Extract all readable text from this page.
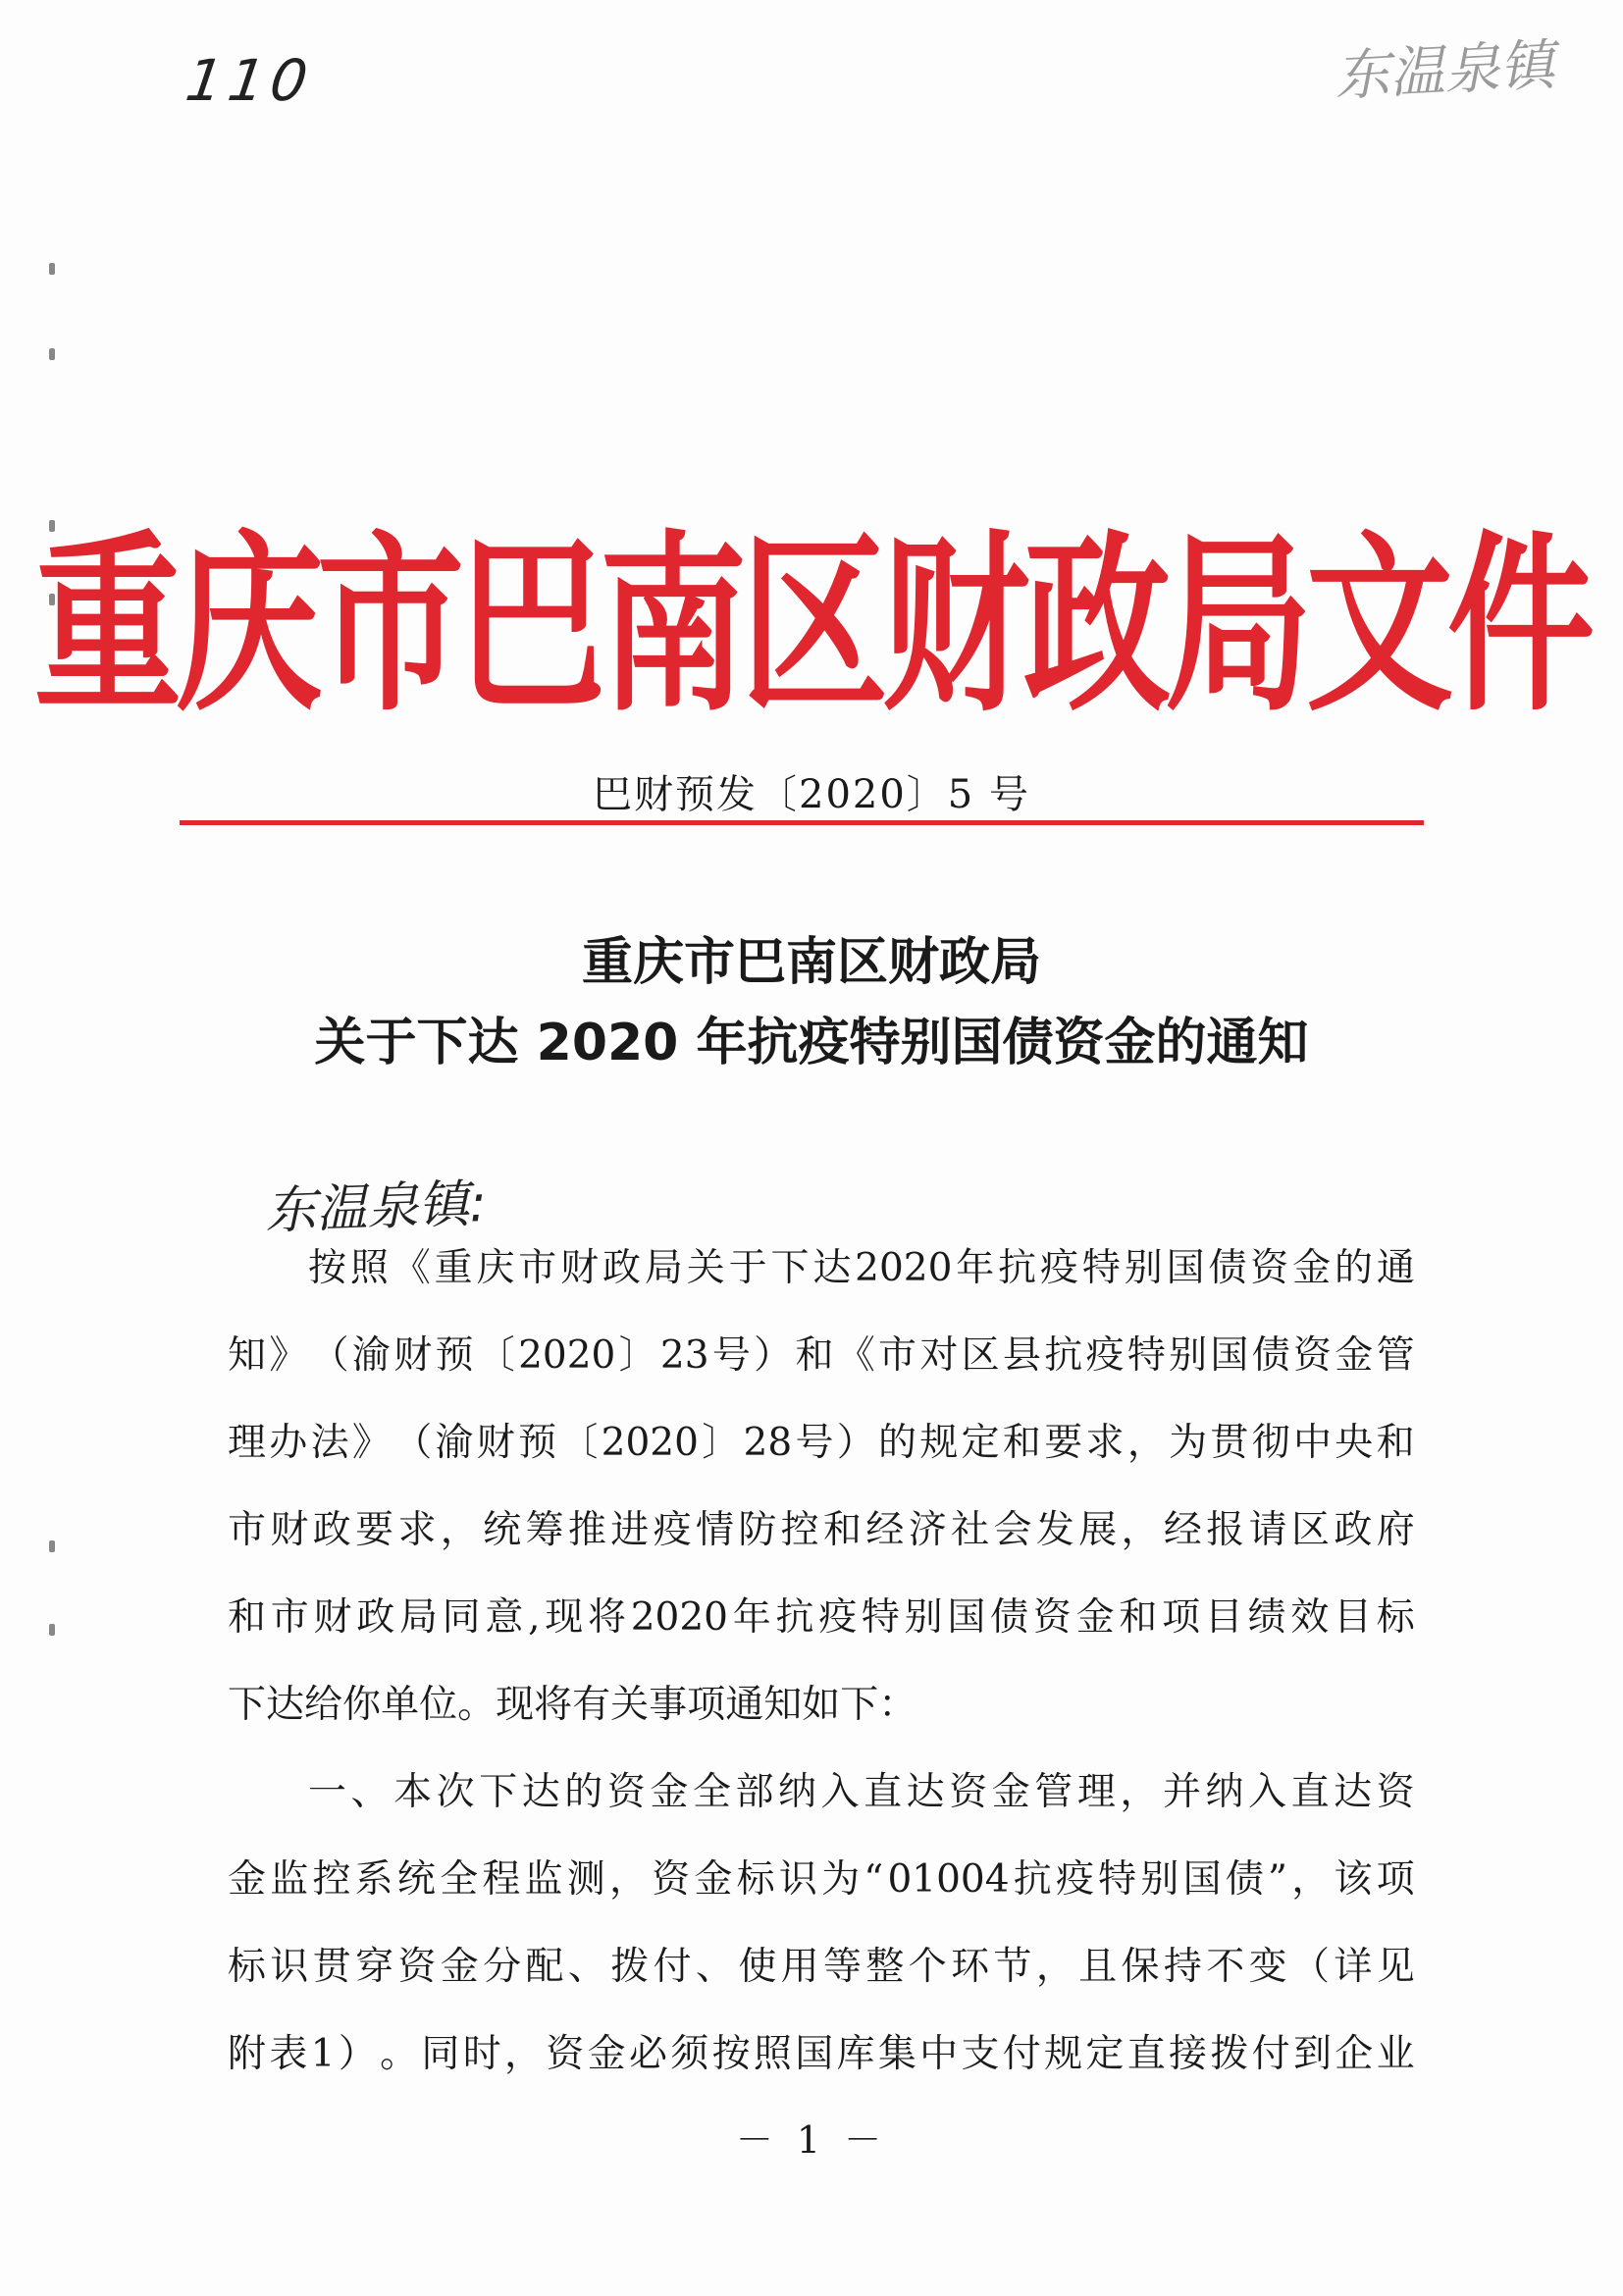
110	东温泉镇
重庆市巴南区财政局文件
巴财预发〔2020〕5 号
重庆市巴南区财政局
关于下达 2020 年抗疫特别国债资金的通知
东温泉镇:
按 照 《 重 庆 市 财 政 局 关 于 下 达 2020 年 抗 疫 特 别 国 债 资 金 的 通
知 》 （ 渝 财 预 〔 2020 〕 23 号 ） 和 《 市 对 区 县 抗 疫 特 别 国 债 资 金 管
理 办 法 》 （ 渝 财 预 〔 2020 〕 28 号 ） 的 规 定 和 要 求 ， 为 贯 彻 中 央 和
市 财 政 要 求 ， 统 筹 推 进 疫 情 防 控 和 经 济 社 会 发 展 ， 经 报 请 区 政 府
和 市 财 政 局 同 意 , 现 将 2020 年 抗 疫 特 别 国 债 资 金 和 项 目 绩 效 目 标
下 达 给 你 单 位 。 现 将 有 关 事 项 通 知 如 下 ：
一 、 本 次 下 达 的 资 金 全 部 纳 入 直 达 资 金 管 理 ， 并 纳 入 直 达 资
金 监 控 系 统 全 程 监 测 ， 资 金 标 识 为 “ 01004 抗 疫 特 别 国 债 ” ， 该 项
标 识 贯 穿 资 金 分 配 、 拨 付 、 使 用 等 整 个 环 节 ， 且 保 持 不 变 （ 详 见
附 表 1 ） 。 同 时 ， 资 金 必 须 按 照 国 库 集 中 支 付 规 定 直 接 拨 付 到 企 业
－ 1 －
